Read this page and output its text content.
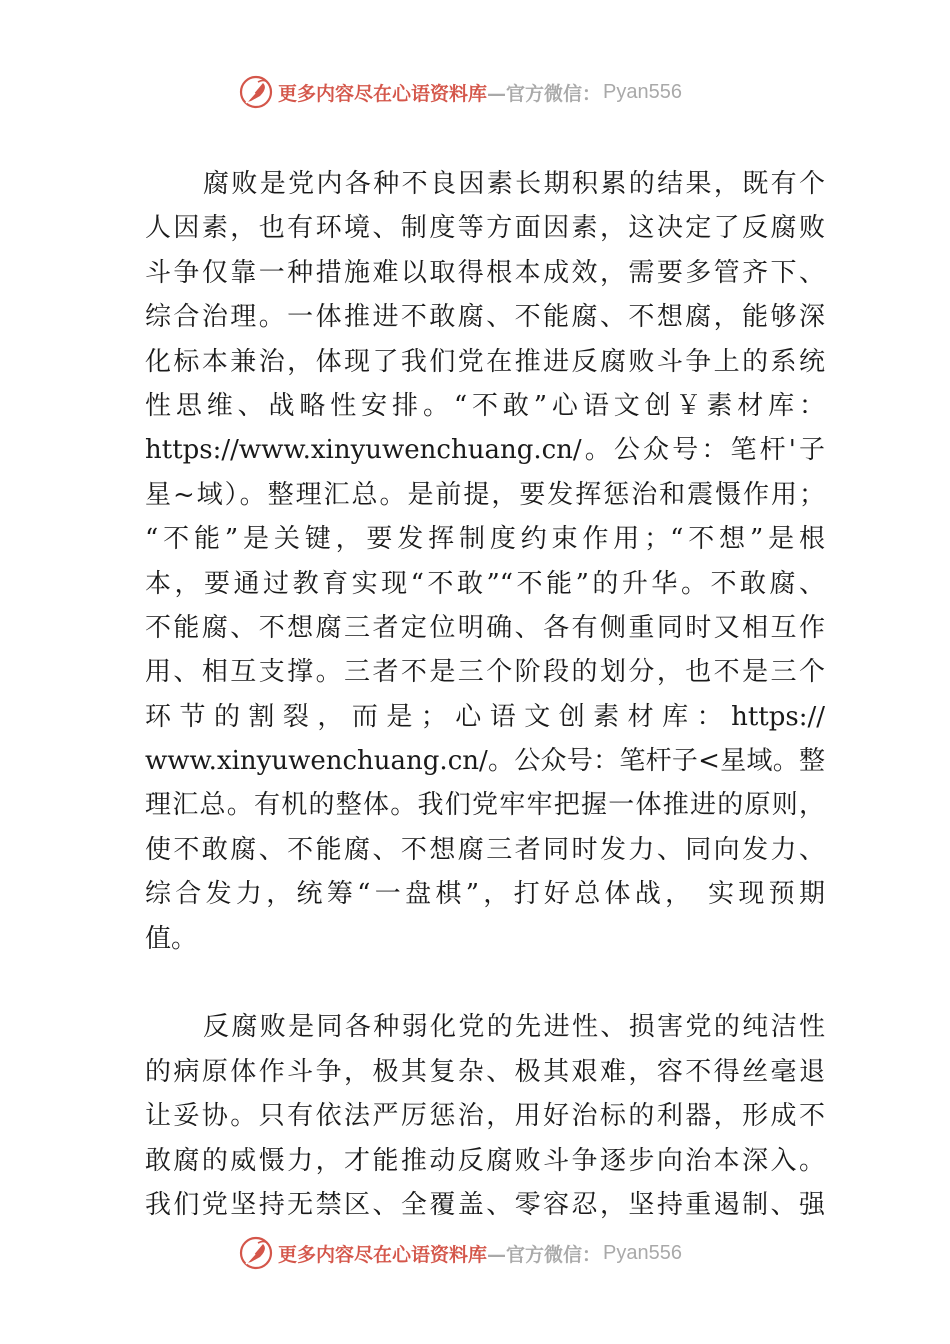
更多内容尽在心语资料库 —官方微信： Pyan556
腐败是党内各种不良因素长期积累的结果，既有个
人因素，也有环境、制度等方面因素，这决定了反腐败
斗争仅靠一种措施难以取得根本成效，需要多管齐下、
综合治理。一体推进不敢腐、不能腐、不想腐，能够深
化标本兼治，体现了我们党在推进反腐败斗争上的系统
性思维、战略性安排。“不敢”心语文创￥素材库：
https://www.xinyuwenchuang.cn/。公众号：笔杆'子
星~域）。整理汇总。是前提，要发挥惩治和震慑作用；
“不能”是关键，要发挥制度约束作用；“不想”是根
本，要通过教育实现“不敢”“不能”的升华。不敢腐、
不能腐、不想腐三者定位明确、各有侧重同时又相互作
用、相互支撑。三者不是三个阶段的划分，也不是三个
环节的割裂，而是；心语文创素材库：https://
www.xinyuwenchuang.cn/。公众号：笔杆子<星域。整
理汇总。有机的整体。我们党牢牢把握一体推进的原则，
使不敢腐、不能腐、不想腐三者同时发力、同向发力、
综合发力，统筹“一盘棋”，打好总体战， 实现预期
值。
反腐败是同各种弱化党的先进性、损害党的纯洁性
的病原体作斗争，极其复杂、极其艰难，容不得丝毫退
让妥协。只有依法严厉惩治，用好治标的利器，形成不
敢腐的威慑力，才能推动反腐败斗争逐步向治本深入。
我们党坚持无禁区、全覆盖、零容忍，坚持重遏制、强
更多内容尽在心语资料库 —官方微信： Pyan556
